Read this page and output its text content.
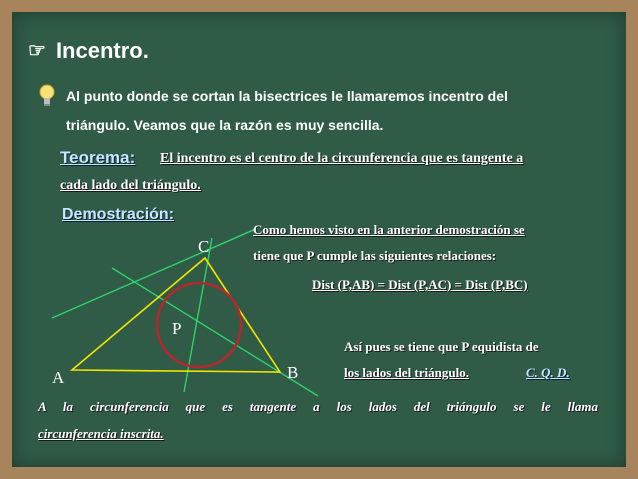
☞ Incentro.
Al punto donde se cortan la bisectrices le llamaremos incentro del
triángulo. Veamos que la razón es muy sencilla.
Teorema: El incentro es el centro de la circunferencia que es tangente a
cada lado del triángulo.
Demostración:
C
A	B
P
Como hemos visto en la anterior demostración se
tiene que P cumple las siguientes relaciones:
Dist (P,AB) = Dist (P,AC) = Dist (P,BC)
Así pues se tiene que P equidista de
los lados del triángulo.	C. Q. D.
A la circunferencia que es tangente a los lados del triángulo se le llama
circunferencia inscrita.
